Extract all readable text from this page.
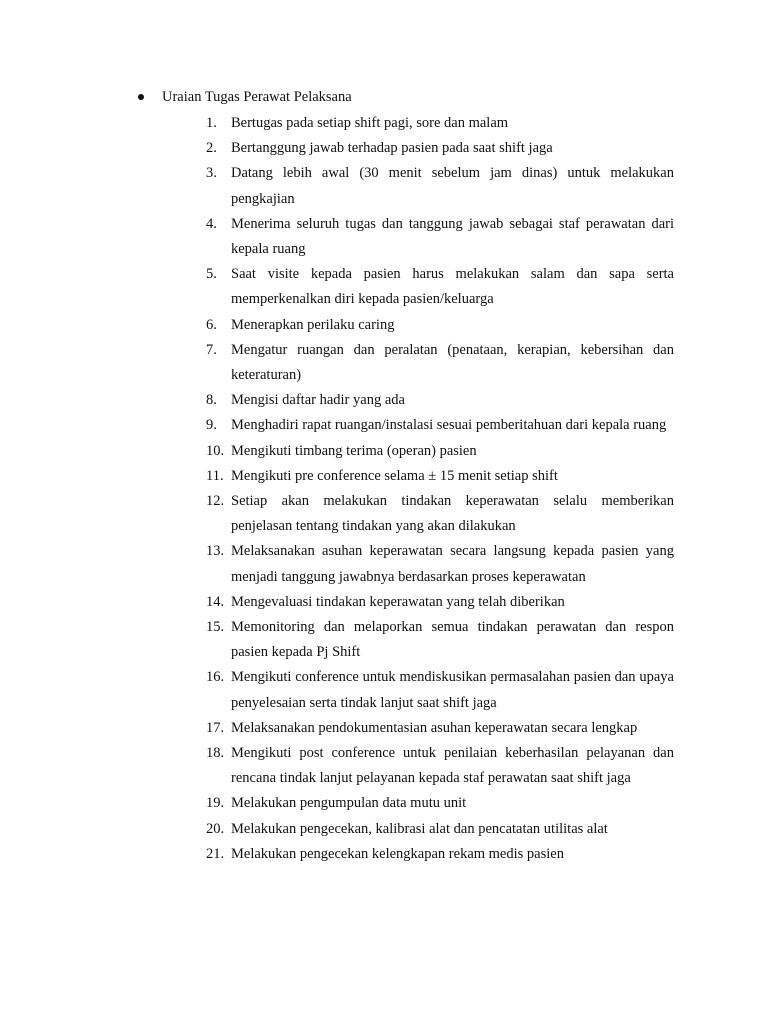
Uraian Tugas Perawat Pelaksana
1. Bertugas pada setiap shift pagi, sore dan malam
2. Bertanggung jawab terhadap pasien pada saat shift jaga
3. Datang lebih awal (30 menit sebelum jam dinas) untuk melakukan pengkajian
4. Menerima seluruh tugas dan tanggung jawab sebagai staf perawatan dari kepala ruang
5. Saat visite kepada pasien harus melakukan salam dan sapa serta memperkenalkan diri kepada pasien/keluarga
6. Menerapkan perilaku caring
7. Mengatur ruangan dan peralatan (penataan, kerapian, kebersihan dan keteraturan)
8. Mengisi daftar hadir yang ada
9. Menghadiri rapat ruangan/instalasi sesuai pemberitahuan dari kepala ruang
10. Mengikuti timbang terima (operan) pasien
11. Mengikuti pre conference selama ± 15 menit setiap shift
12. Setiap akan melakukan tindakan keperawatan selalu memberikan penjelasan tentang tindakan yang akan dilakukan
13. Melaksanakan asuhan keperawatan secara langsung kepada pasien yang menjadi tanggung jawabnya berdasarkan proses keperawatan
14. Mengevaluasi tindakan keperawatan yang telah diberikan
15. Memonitoring dan melaporkan semua tindakan perawatan dan respon pasien kepada Pj Shift
16. Mengikuti conference untuk mendiskusikan permasalahan pasien dan upaya penyelesaian serta tindak lanjut saat shift jaga
17. Melaksanakan pendokumentasian asuhan keperawatan secara lengkap
18. Mengikuti post conference untuk penilaian keberhasilan pelayanan dan rencana tindak lanjut pelayanan kepada staf perawatan saat shift jaga
19. Melakukan pengumpulan data mutu unit
20. Melakukan pengecekan, kalibrasi alat dan pencatatan utilitas alat
21. Melakukan pengecekan kelengkapan rekam medis pasien
